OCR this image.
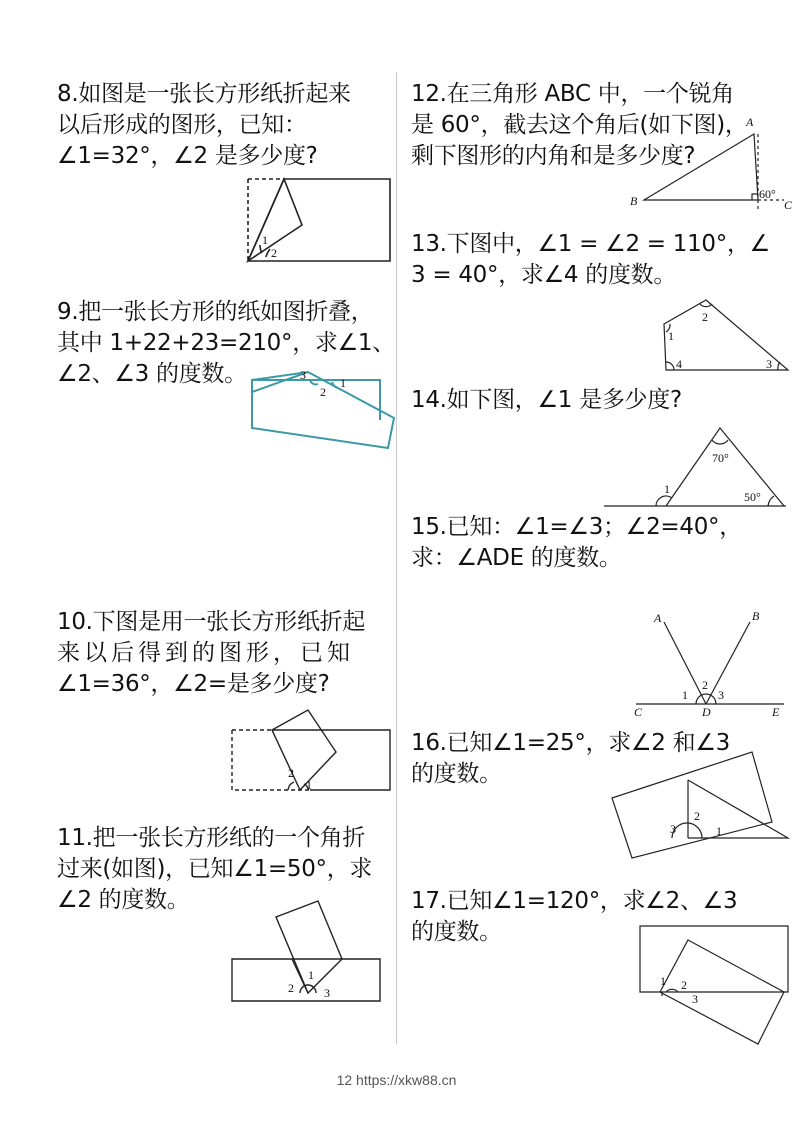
8.如图是一张长方形纸折起来
以后形成的图形，已知：
∠1=32°，∠2 是多少度?
1
2
9.把一张长方形的纸如图折叠，
其中 1+22+23=210°，求∠1、
∠2、∠3 的度数。	3
1
2
10.下图是用一张长方形纸折起
来以后得到的图形，已知
∠1=36°，∠2=是多少度?
2
1
11.把一张长方形纸的一个角折
过来(如图)，已知∠1=50°，求
∠2 的度数。
1
2	3
12.在三角形 ABC 中，一个锐角
是 60°，截去这个角后(如下图)，
剩下图形的内角和是多少度?
A
B	C
60°
13.下图中，∠1 = ∠2 = 110°，∠
3 = 40°，求∠4 的度数。
1
2
3
4
14.如下图，∠1 是多少度?
70°
1
50°
15.已知：∠1=∠3；∠2=40°，
求：∠ADE 的度数。
A	B
1
2
3
C	D	E
16.已知∠1=25°，求∠2 和∠3
的度数。
2
3	1
17.已知∠1=120°，求∠2、∠3
的度数。
1 2
3
12 https://xkw88.cn
